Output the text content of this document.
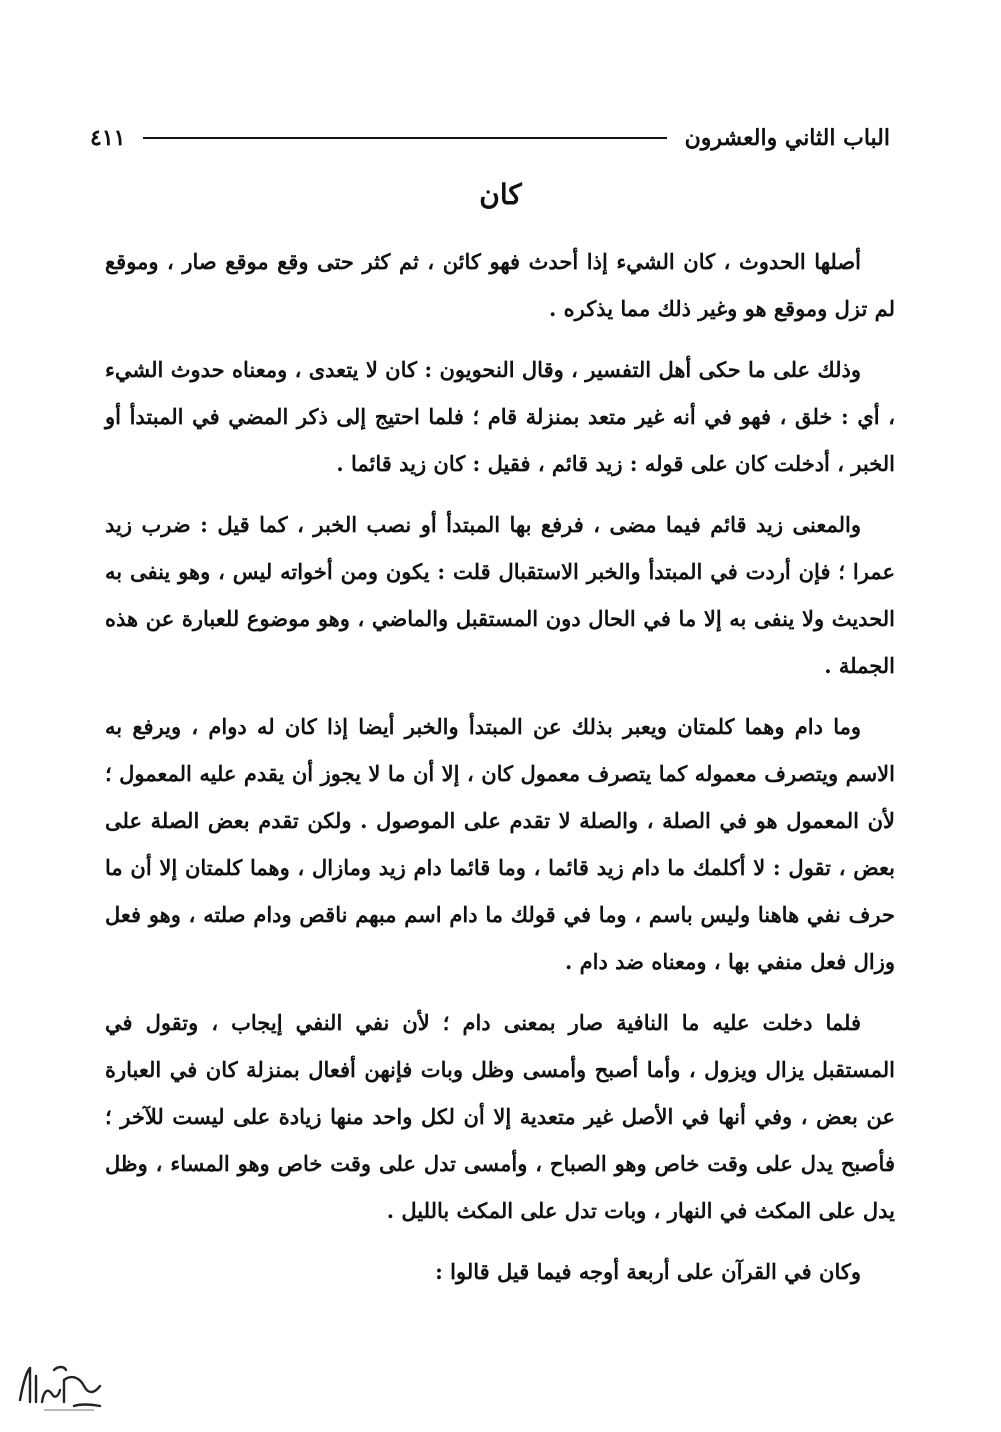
الباب الثاني والعشرون
٤١١
كان

أصلها الحدوث ، كان الشيء إذا أحدث فهو كائن ، ثم كثر حتى وقع موقع صار ، وموقع لم تزل وموقع هو وغير ذلك مما يذكره .

وذلك على ما حكى أهل التفسير ، وقال النحويون : كان لا يتعدى ، ومعناه حدوث الشيء ، أي : خلق ، فهو في أنه غير متعد بمنزلة قام ؛ فلما احتيج إلى ذكر المضي في المبتدأ أو الخبر ، أدخلت كان على قوله : زيد قائم ، فقيل : كان زيد قائما .

والمعنى زيد قائم فيما مضى ، فرفع بها المبتدأ أو نصب الخبر ، كما قيل : ضرب زيد عمرا ؛ فإن أردت في المبتدأ والخبر الاستقبال قلت : يكون ومن أخواته ليس ، وهو ينفى به الحديث ولا ينفى به إلا ما في الحال دون المستقبل والماضي ، وهو موضوع للعبارة عن هذه الجملة .

وما دام وهما كلمتان ويعبر بذلك عن المبتدأ والخبر أيضا إذا كان له دوام ، ويرفع به الاسم ويتصرف معموله كما يتصرف معمول كان ، إلا أن ما لا يجوز أن يقدم عليه المعمول ؛ لأن المعمول هو في الصلة ، والصلة لا تقدم على الموصول . ولكن تقدم بعض الصلة على بعض ، تقول : لا أكلمك ما دام زيد قائما ، وما قائما دام زيد ومازال ، وهما كلمتان إلا أن ما حرف نفي هاهنا وليس باسم ، وما في قولك ما دام اسم مبهم ناقص ودام صلته ، وهو فعل وزال فعل منفي بها ، ومعناه ضد دام .

فلما دخلت عليه ما النافية صار بمعنى دام ؛ لأن نفي النفي إيجاب ، وتقول في المستقبل يزال ويزول ، وأما أصبح وأمسى وظل وبات فإنهن أفعال بمنزلة كان في العبارة عن بعض ، وفي أنها في الأصل غير متعدية إلا أن لكل واحد منها زيادة على ليست للآخر ؛ فأصبح يدل على وقت خاص وهو الصباح ، وأمسى تدل على وقت خاص وهو المساء ، وظل يدل على المكث في النهار ، وبات تدل على المكث بالليل .

وكان في القرآن على أربعة أوجه فيما قيل قالوا :
